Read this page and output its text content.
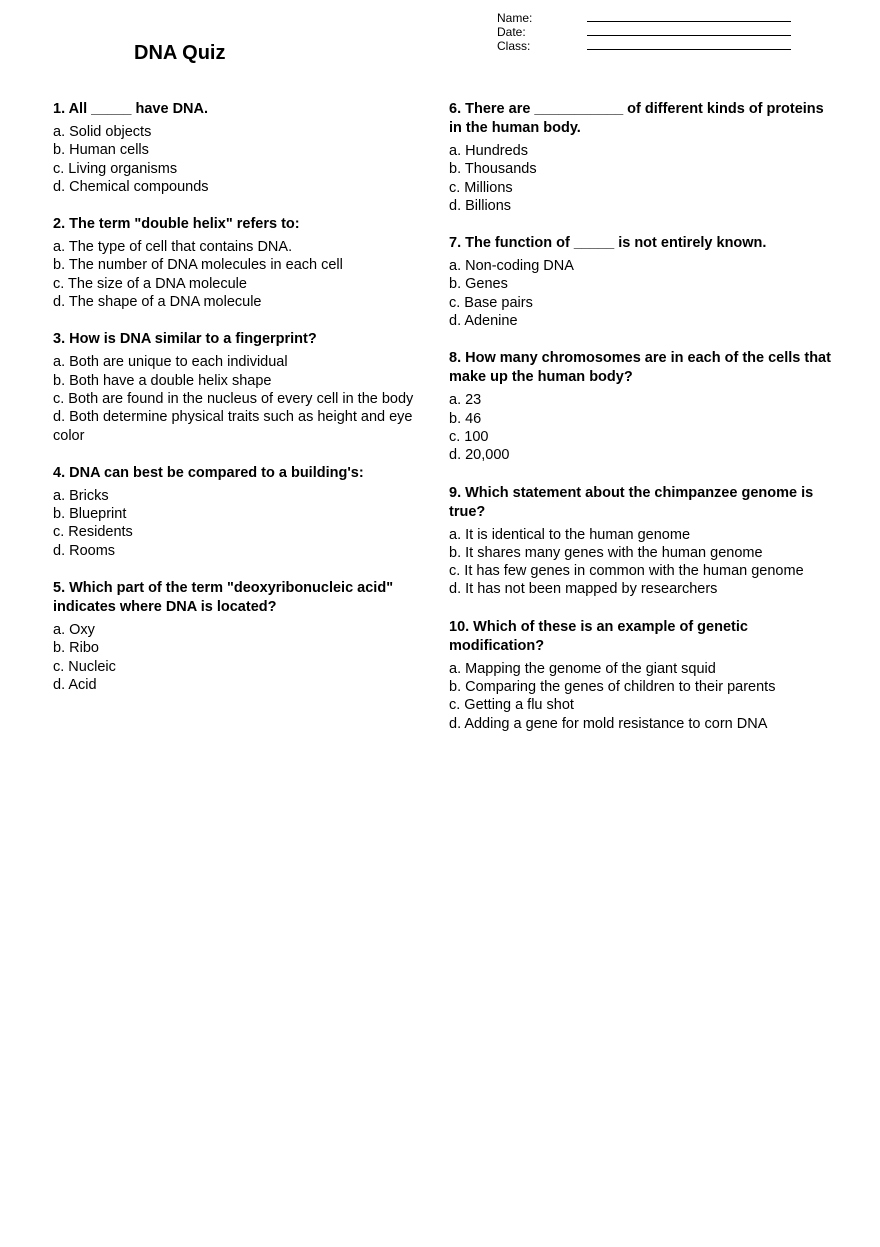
DNA Quiz
Name:
Date:
Class:
1. All _____ have DNA.
a. Solid objects
b. Human cells
c. Living organisms
d. Chemical compounds
2. The term "double helix" refers to:
a. The type of cell that contains DNA.
b. The number of DNA molecules in each cell
c. The size of a DNA molecule
d. The shape of a DNA molecule
3. How is DNA similar to a fingerprint?
a. Both are unique to each individual
b. Both have a double helix shape
c. Both are found in the nucleus of every cell in the body
d. Both determine physical traits such as height and eye color
4. DNA can best be compared to a building's:
a. Bricks
b. Blueprint
c. Residents
d. Rooms
5. Which part of the term "deoxyribonucleic acid" indicates where DNA is located?
a. Oxy
b. Ribo
c. Nucleic
d. Acid
6. There are ___________ of different kinds of proteins in the human body.
a. Hundreds
b. Thousands
c. Millions
d. Billions
7. The function of _____ is not entirely known.
a. Non-coding DNA
b. Genes
c. Base pairs
d. Adenine
8. How many chromosomes are in each of the cells that make up the human body?
a. 23
b. 46
c. 100
d. 20,000
9. Which statement about the chimpanzee genome is true?
a. It is identical to the human genome
b. It shares many genes with the human genome
c. It has few genes in common with the human genome
d. It has not been mapped by researchers
10. Which of these is an example of genetic modification?
a. Mapping the genome of the giant squid
b. Comparing the genes of children to their parents
c. Getting a flu shot
d. Adding a gene for mold resistance to corn DNA
